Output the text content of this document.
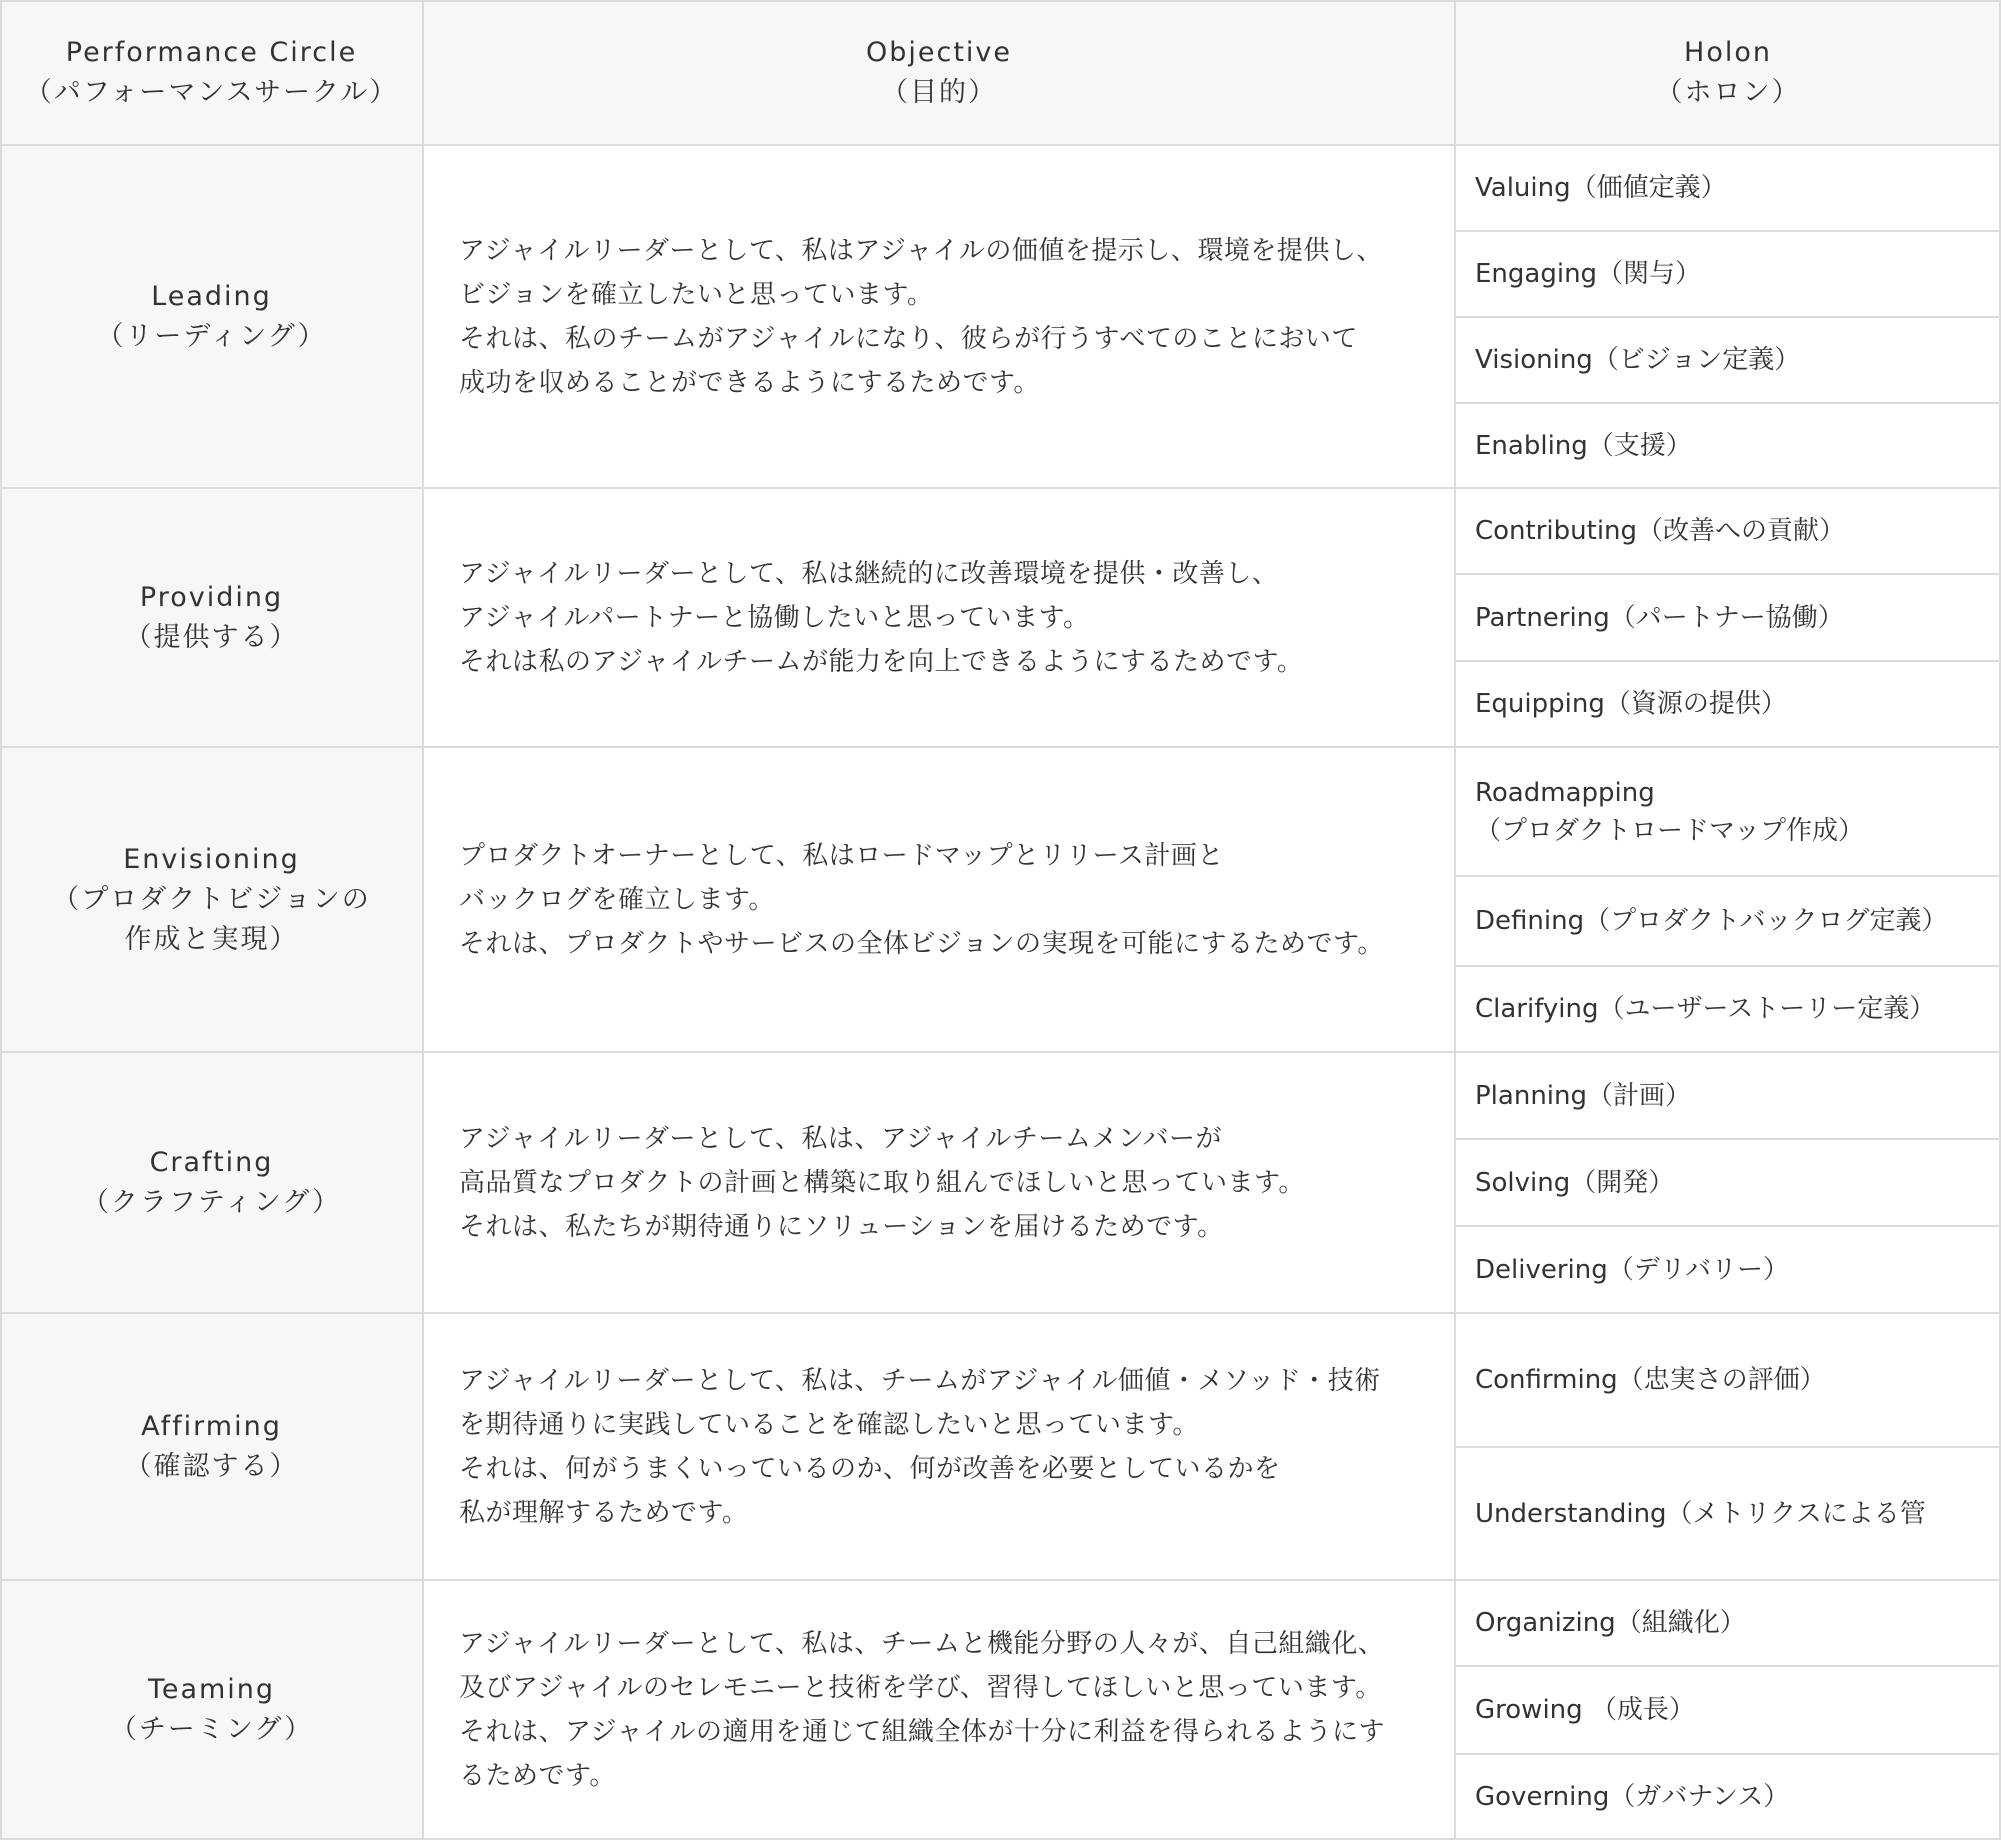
Performance Circle
（パフォーマンスサークル）
Objective
（目的）
Holon
（ホロン）
Leading
（リーディング）
アジャイルリーダーとして、私はアジャイルの価値を提示し、環境を提供し、
ビジョンを確立したいと思っています。
それは、私のチームがアジャイルになり、彼らが行うすべてのことにおいて
成功を収めることができるようにするためです。
Valuing（価値定義）
Engaging（関与）
Visioning（ビジョン定義）
Enabling（支援）
Providing
（提供する）
アジャイルリーダーとして、私は継続的に改善環境を提供・改善し、
アジャイルパートナーと協働したいと思っています。
それは私のアジャイルチームが能力を向上できるようにするためです。
Contributing（改善への貢献）
Partnering（パートナー協働）
Equipping（資源の提供）
Envisioning
（プロダクトビジョンの
作成と実現）
プロダクトオーナーとして、私はロードマップとリリース計画と
バックログを確立します。
それは、プロダクトやサービスの全体ビジョンの実現を可能にするためです。
Roadmapping
（プロダクトロードマップ作成）
Defining（プロダクトバックログ定義）
Clarifying（ユーザーストーリー定義）
Crafting
（クラフティング）
アジャイルリーダーとして、私は、アジャイルチームメンバーが
高品質なプロダクトの計画と構築に取り組んでほしいと思っています。
それは、私たちが期待通りにソリューションを届けるためです。
Planning（計画）
Solving（開発）
Delivering（デリバリー）
Affirming
（確認する）
アジャイルリーダーとして、私は、チームがアジャイル価値・メソッド・技術
を期待通りに実践していることを確認したいと思っています。
それは、何がうまくいっているのか、何が改善を必要としているかを
私が理解するためです。
Confirming（忠実さの評価）
Understanding（メトリクスによる管
Teaming
（チーミング）
アジャイルリーダーとして、私は、チームと機能分野の人々が、自己組織化、
及びアジャイルのセレモニーと技術を学び、習得してほしいと思っています。
それは、アジャイルの適用を通じて組織全体が十分に利益を得られるようにす
るためです。
Organizing（組織化）
Growing （成長）
Governing（ガバナンス）
